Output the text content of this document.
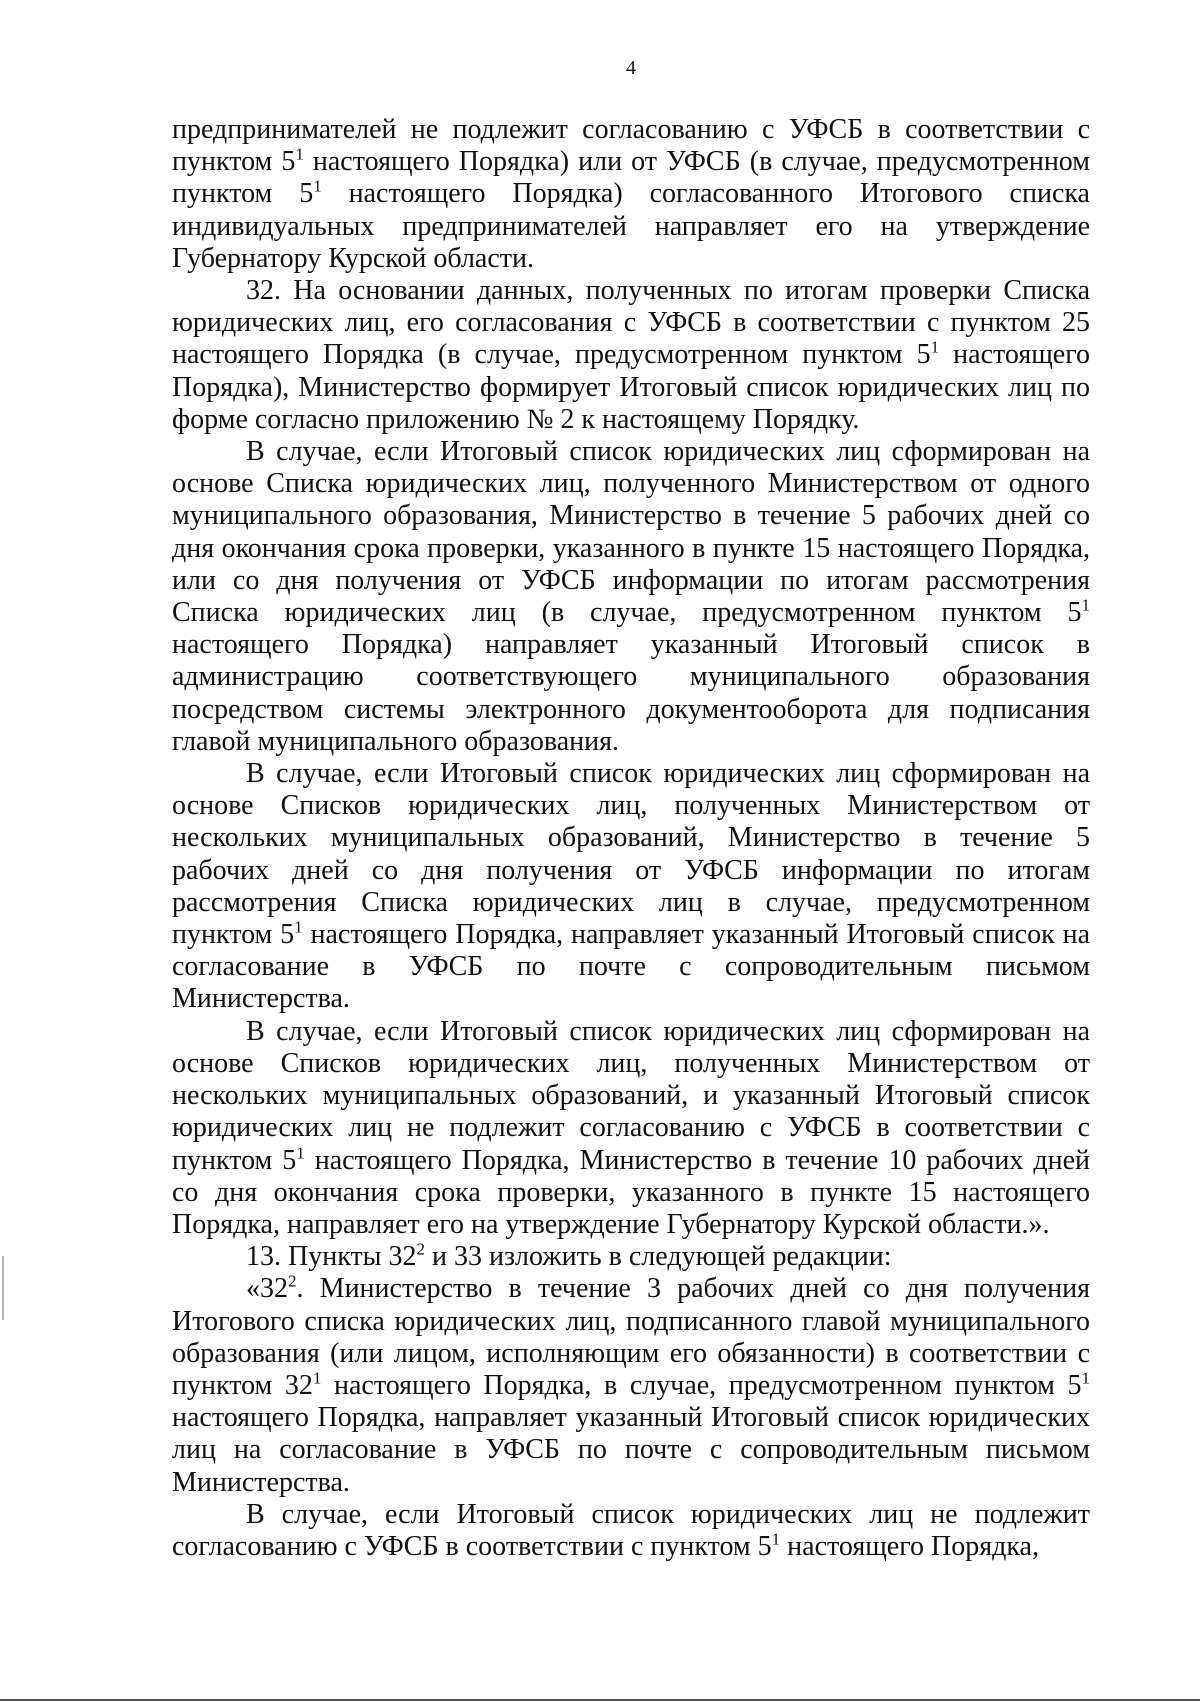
4

предпринимателей не подлежит согласованию с УФСБ в соответствии с пунктом $5^1$ настоящего Порядка) или от УФСБ (в случае, предусмотренном пунктом $5^1$ настоящего Порядка) согласованного Итогового списка индивидуальных предпринимателей направляет его на утверждение Губернатору Курской области.

32. На основании данных, полученных по итогам проверки Списка юридических лиц, его согласования с УФСБ в соответствии с пунктом 25 настоящего Порядка (в случае, предусмотренном пунктом $5^1$ настоящего Порядка), Министерство формирует Итоговый список юридических лиц по форме согласно приложению № 2 к настоящему Порядку.

В случае, если Итоговый список юридических лиц сформирован на основе Списка юридических лиц, полученного Министерством от одного муниципального образования, Министерство в течение 5 рабочих дней со дня окончания срока проверки, указанного в пункте 15 настоящего Порядка, или со дня получения от УФСБ информации по итогам рассмотрения Списка юридических лиц (в случае, предусмотренном пунктом $5^1$ настоящего Порядка) направляет указанный Итоговый список в администрацию соответствующего муниципального образования посредством системы электронного документооборота для подписания главой муниципального образования.

В случае, если Итоговый список юридических лиц сформирован на основе Списков юридических лиц, полученных Министерством от нескольких муниципальных образований, Министерство в течение 5 рабочих дней со дня получения от УФСБ информации по итогам рассмотрения Списка юридических лиц в случае, предусмотренном пунктом $5^1$ настоящего Порядка, направляет указанный Итоговый список на согласование в УФСБ по почте с сопроводительным письмом Министерства.

В случае, если Итоговый список юридических лиц сформирован на основе Списков юридических лиц, полученных Министерством от нескольких муниципальных образований, и указанный Итоговый список юридических лиц не подлежит согласованию с УФСБ в соответствии с пунктом $5^1$ настоящего Порядка, Министерство в течение 10 рабочих дней со дня окончания срока проверки, указанного в пункте 15 настоящего Порядка, направляет его на утверждение Губернатору Курской области.».

13. Пункты $32^2$ и 33 изложить в следующей редакции:

«$32^2$. Министерство в течение 3 рабочих дней со дня получения Итогового списка юридических лиц, подписанного главой муниципального образования (или лицом, исполняющим его обязанности) в соответствии с пунктом $32^1$ настоящего Порядка, в случае, предусмотренном пунктом $5^1$ настоящего Порядка, направляет указанный Итоговый список юридических лиц на согласование в УФСБ по почте с сопроводительным письмом Министерства.

В случае, если Итоговый список юридических лиц не подлежит согласованию с УФСБ в соответствии с пунктом $5^1$ настоящего Порядка,
